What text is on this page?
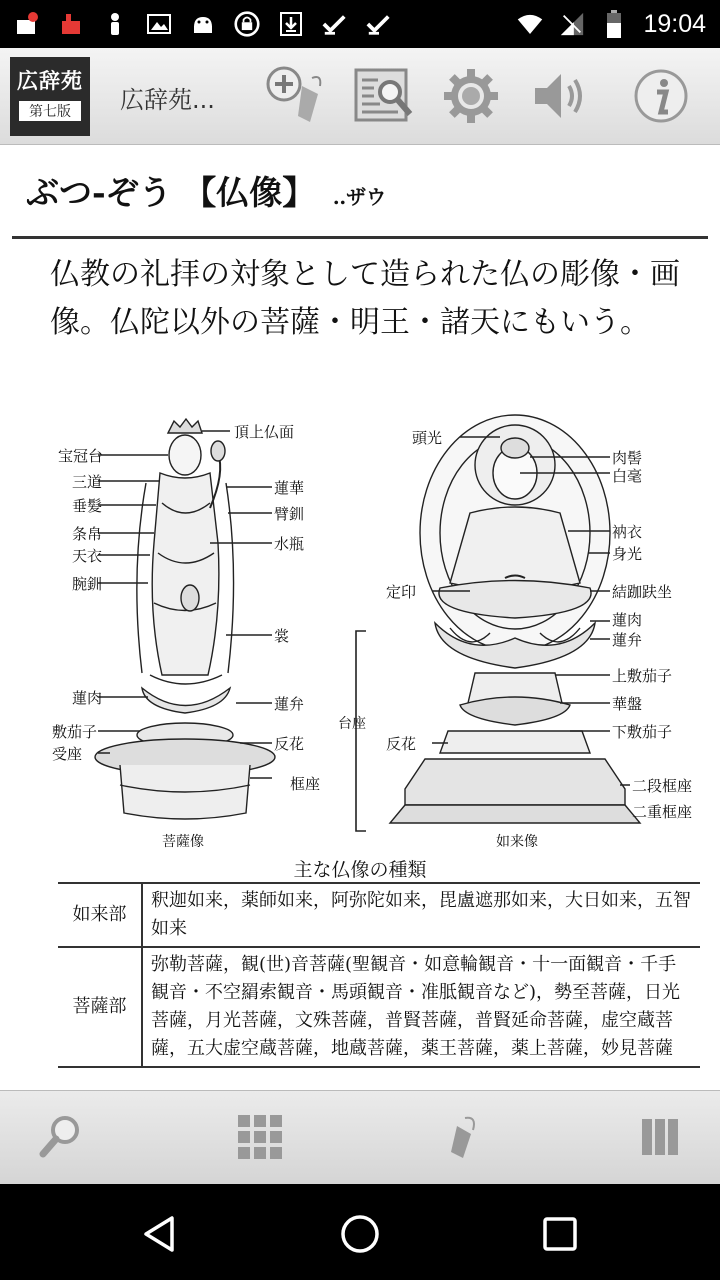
19:04
広辞苑
第七版	広辞苑...
ぶつ‐ぞう 【仏像】 ‥ザウ
仏教の礼拝の対象として造られた仏の彫像・画像。仏陀以外の菩薩・明王・諸天にもいう。
頂上仏面
宝冠台
三道
垂髪
条帛
天衣
腕釧
蓮華
臂釧
水瓶
裳
蓮肉	蓮弁
敷茄子
受座
反花
框座
頭光
肉髻
白毫
衲衣
身光
定印	結跏趺坐
蓮肉
蓮弁
上敷茄子
華盤
下敷茄子
台座
反花
二段框座
二重框座
菩薩像	如来像
主な仏像の種類
如来部	釈迦如来，薬師如来，阿弥陀如来，毘盧遮那如来，大日如来，五智如来
菩薩部	弥勒菩薩，観(世)音菩薩(聖観音・如意輪観音・十一面観音・千手観音・不空羂索観音・馬頭観音・准胝観音など)，勢至菩薩，日光菩薩，月光菩薩，文殊菩薩，普賢菩薩，普賢延命菩薩，虚空蔵菩薩，五大虚空蔵菩薩，地蔵菩薩，薬王菩薩，薬上菩薩，妙見菩薩
